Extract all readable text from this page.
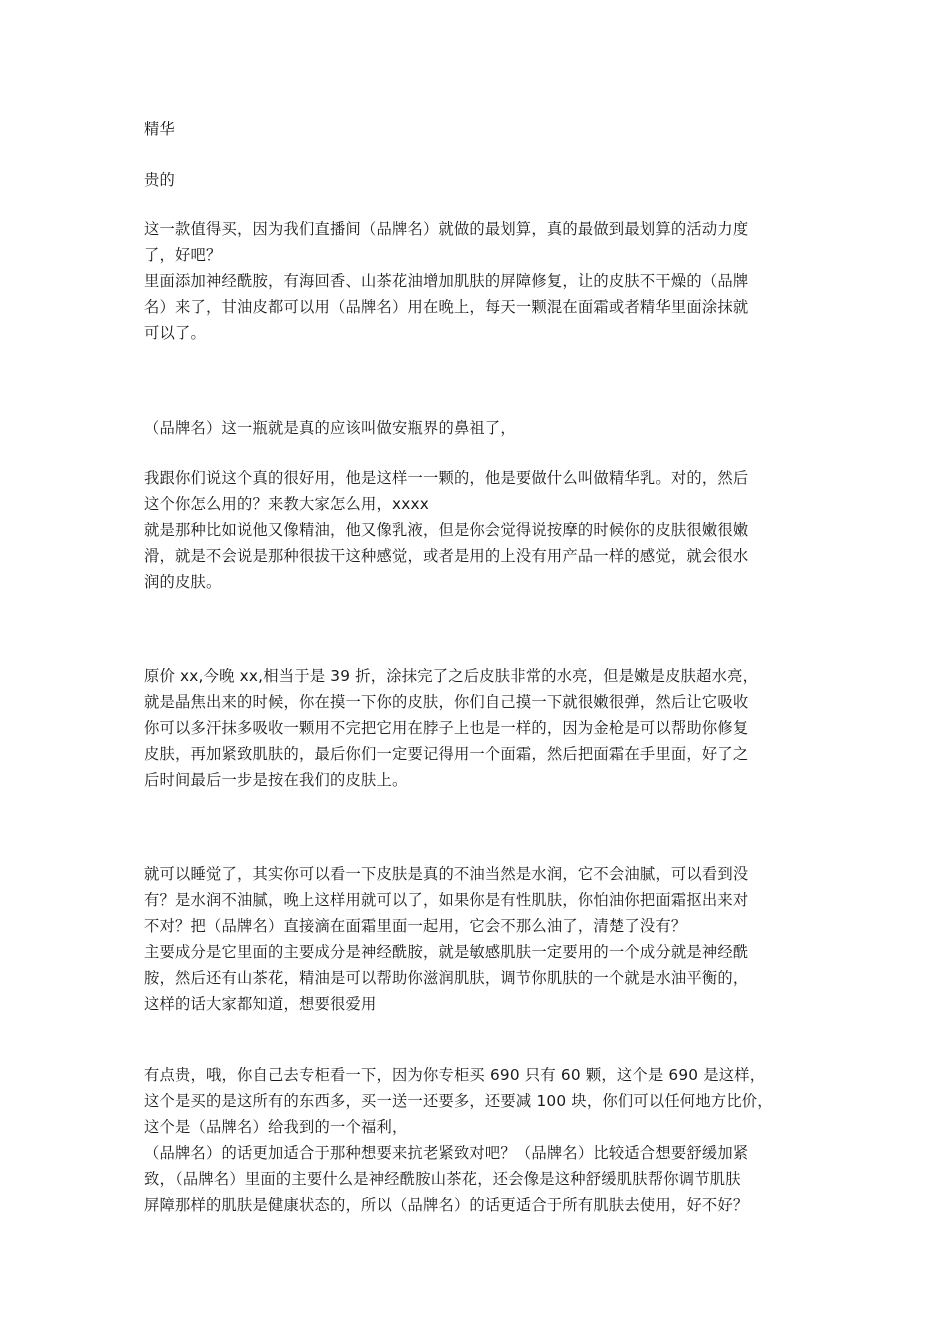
精华

贵的

这一款值得买，因为我们直播间（品牌名）就做的最划算，真的最做到最划算的活动力度
了，好吧？
里面添加神经酰胺，有海回香、山茶花油增加肌肤的屏障修复，让的皮肤不干燥的（品牌
名）来了，甘油皮都可以用（品牌名）用在晚上，每天一颗混在面霜或者精华里面涂抹就
可以了。

（品牌名）这一瓶就是真的应该叫做安瓶界的鼻祖了，

我跟你们说这个真的很好用，他是这样一一颗的，他是要做什么叫做精华乳。对的，然后
这个你怎么用的？来教大家怎么用，xxxx
就是那种比如说他又像精油，他又像乳液，但是你会觉得说按摩的时候你的皮肤很嫩很嫩
滑，就是不会说是那种很拔干这种感觉，或者是用的上没有用产品一样的感觉，就会很水
润的皮肤。

原价 xx,今晚 xx,相当于是 39 折，涂抹完了之后皮肤非常的水亮，但是嫩是皮肤超水亮，
就是晶焦出来的时候，你在摸一下你的皮肤，你们自己摸一下就很嫩很弹，然后让它吸收
你可以多汗抹多吸收一颗用不完把它用在脖子上也是一样的，因为金枪是可以帮助你修复
皮肤，再加紧致肌肤的，最后你们一定要记得用一个面霜，然后把面霜在手里面，好了之
后时间最后一步是按在我们的皮肤上。

就可以睡觉了，其实你可以看一下皮肤是真的不油当然是水润，它不会油腻，可以看到没
有？是水润不油腻，晚上这样用就可以了，如果你是有性肌肤，你怕油你把面霜抠出来对
不对？把（品牌名）直接滴在面霜里面一起用，它会不那么油了，清楚了没有？
主要成分是它里面的主要成分是神经酰胺，就是敏感肌肤一定要用的一个成分就是神经酰
胺，然后还有山茶花，精油是可以帮助你滋润肌肤，调节你肌肤的一个就是水油平衡的，
这样的话大家都知道，想要很爱用

有点贵，哦，你自己去专柜看一下，因为你专柜买 690 只有 60 颗，这个是 690 是这样，
这个是买的是这所有的东西多，买一送一还要多，还要减 100 块，你们可以任何地方比价，
这个是（品牌名）给我到的一个福利，
（品牌名）的话更加适合于那种想要来抗老紧致对吧？（品牌名）比较适合想要舒缓加紧
致，（品牌名）里面的主要什么是神经酰胺山茶花，还会像是这种舒缓肌肤帮你调节肌肤
屏障那样的肌肤是健康状态的，所以（品牌名）的话更适合于所有肌肤去使用，好不好？
